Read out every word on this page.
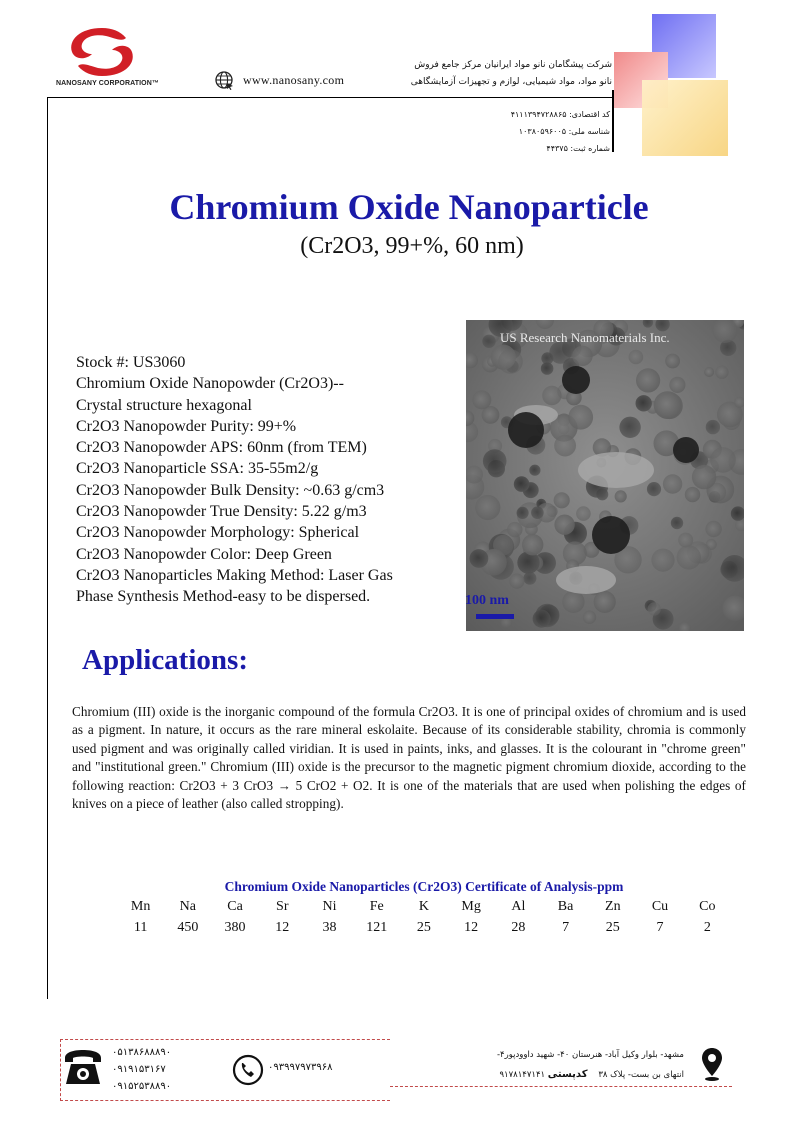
NANOSANY CORPORATION™	www.nanosany.com
شرکت پیشگامان نانو مواد ایرانیان مرکز جامع فروش
نانو مواد، مواد شیمیایی، لوازم و تجهیزات آزمایشگاهی
کد اقتصادی: ۴۱۱۱۳۹۴۷۲۸۸۶۵
شناسه ملی: ۱۰۳۸۰۵۹۶۰۰۵
شماره ثبت: ۴۴۳۷۵
Chromium Oxide Nanoparticle
(Cr2O3, 99+%, 60 nm)
Stock #: US3060
Chromium Oxide Nanopowder (Cr2O3)--
Crystal structure hexagonal
Cr2O3 Nanopowder Purity: 99+%
Cr2O3 Nanopowder APS: 60nm (from TEM)
Cr2O3 Nanoparticle SSA: 35-55m2/g
Cr2O3 Nanopowder Bulk Density: ~0.63 g/cm3
Cr2O3 Nanopowder True Density: 5.22 g/m3
Cr2O3 Nanopowder Morphology: Spherical
Cr2O3 Nanopowder Color: Deep Green
Cr2O3 Nanoparticles Making Method: Laser Gas
Phase Synthesis Method-easy to be dispersed.
US Research Nanomaterials Inc.
100 nm
Applications:

Chromium (III) oxide is the inorganic compound of the formula Cr2O3. It is one of principal oxides of chromium and is used as a pigment. In nature, it occurs as the rare mineral eskolaite. Because of its considerable stability, chromia is commonly used pigment and was originally called viridian. It is used in paints, inks, and glasses. It is the colourant in "chrome green" and "institutional green." Chromium (III) oxide is the precursor to the magnetic pigment chromium dioxide, according to the following reaction: Cr2O3 + 3 CrO3 → 5 CrO2 + O2. It is one of the materials that are used when polishing the edges of knives on a piece of leather (also called stropping).

Chromium Oxide Nanoparticles (Cr2O3) Certificate of Analysis-ppm
Mn	Na	Ca	Sr	Ni	Fe	K	Mg	Al	Ba	Zn	Cu	Co
11	450	380	12	38	121	25	12	28	7	25	7	2
۰۵۱۳۸۶۸۸۸۹۰
۰۹۱۹۱۵۳۱۶۷
۰۹۱۵۲۵۳۸۸۹۰
۰۹۳۹۹۷۹۷۳۹۶۸
مشهد- بلوار وکیل آباد- هنرستان ۴۰- شهید داوودپور۴-
انتهای بن بست- پلاک ۳۸    کدپستی ۹۱۷۸۱۴۷۱۴۱
